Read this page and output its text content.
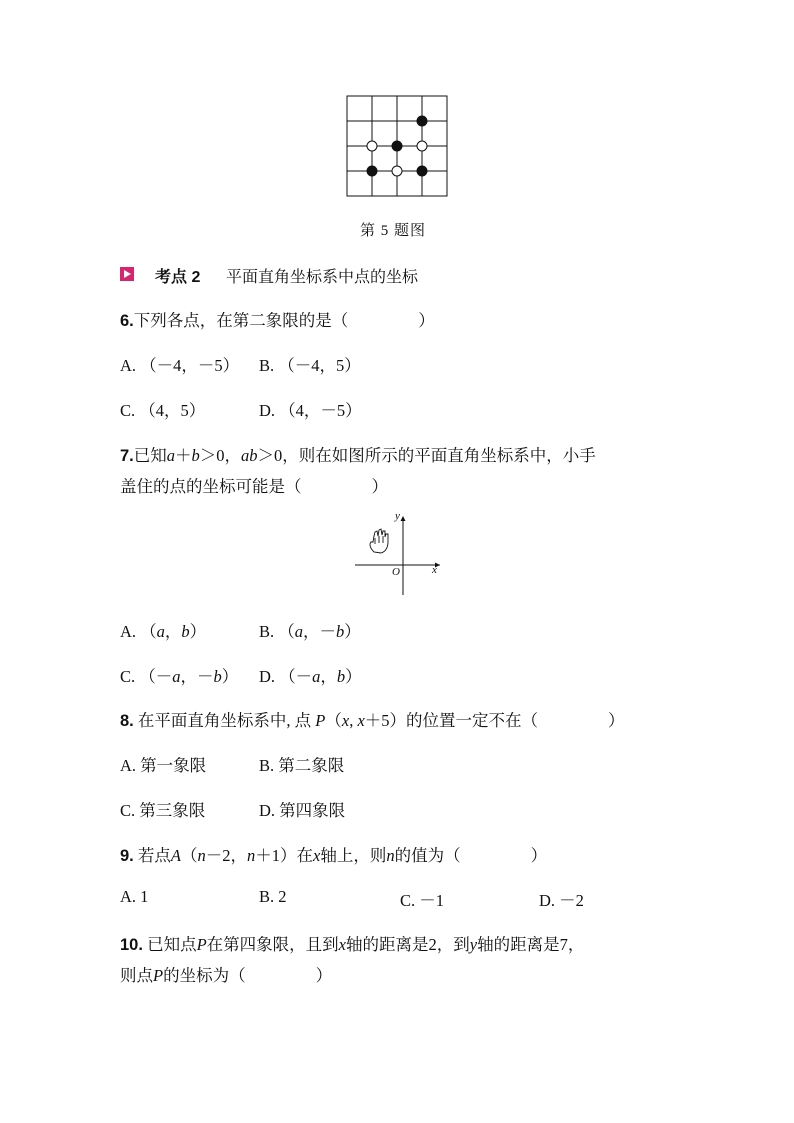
第 5 题图
考点 2 平面直角坐标系中点的坐标
6.下列各点，在第二象限的是（	）
A. （－4，－5） B. （－4，5）
C. （4，5）	D. （4，－5）
7.已知a＋b＞0，ab＞0，则在如图所示的平面直角坐标系中，小手
盖住的点的坐标可能是（	）
y
x
O
A. （a，b）	B. （a，－b）
C. （－a，－b） D. （－a，b）
8. 在平面直角坐标系中, 点 P（x, x＋5）的位置一定不在（	）
A. 第一象限	B. 第二象限
C. 第三象限	D. 第四象限
9. 若点A（n－2，n＋1）在x轴上，则n的值为（	）
A. 1	B. 2	C. －1	D. －2
10. 已知点P在第四象限，且到x轴的距离是2，到y轴的距离是7，
则点P的坐标为（	）
